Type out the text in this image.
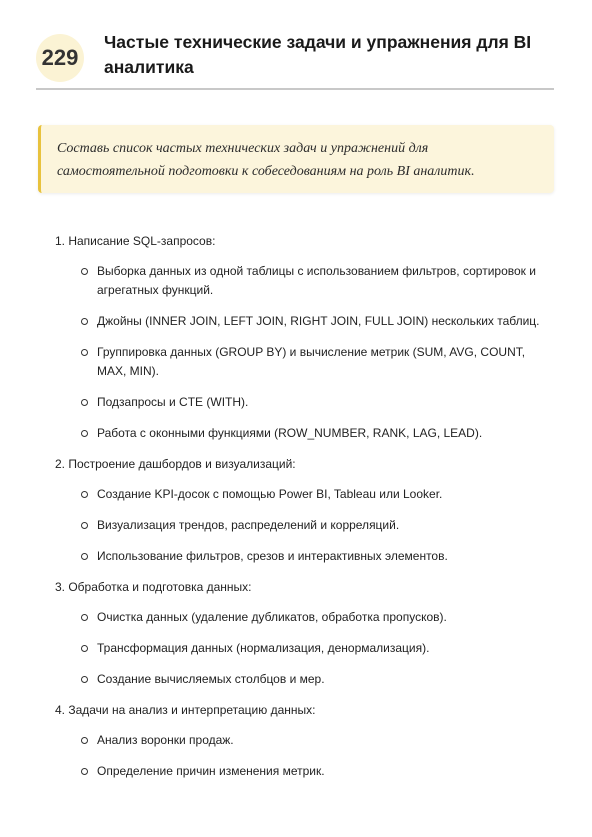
229
Частые технические задачи и упражнения для BI аналитика
Составь список частых технических задач и упражнений для самостоятельной подготовки к собеседованиям на роль BI аналитик.
1. Написание SQL-запросов:
Выборка данных из одной таблицы с использованием фильтров, сортировок и агрегатных функций.
Джойны (INNER JOIN, LEFT JOIN, RIGHT JOIN, FULL JOIN) нескольких таблиц.
Группировка данных (GROUP BY) и вычисление метрик (SUM, AVG, COUNT, MAX, MIN).
Подзапросы и CTE (WITH).
Работа с оконными функциями (ROW_NUMBER, RANK, LAG, LEAD).
2. Построение дашбордов и визуализаций:
Создание KPI-досок с помощью Power BI, Tableau или Looker.
Визуализация трендов, распределений и корреляций.
Использование фильтров, срезов и интерактивных элементов.
3. Обработка и подготовка данных:
Очистка данных (удаление дубликатов, обработка пропусков).
Трансформация данных (нормализация, денормализация).
Создание вычисляемых столбцов и мер.
4. Задачи на анализ и интерпретацию данных:
Анализ воронки продаж.
Определение причин изменения метрик.
